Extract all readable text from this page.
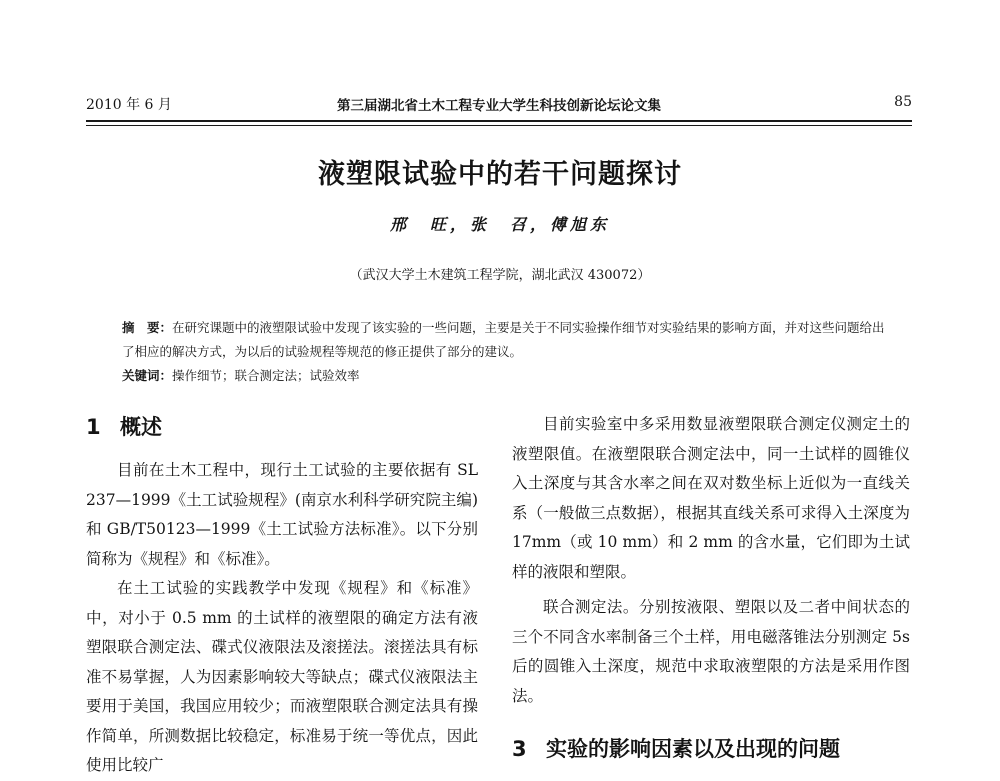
2010 年 6 月	第三届湖北省土木工程专业大学生科技创新论坛论文集	85
液塑限试验中的若干问题探讨
邢　旺，张　召，傅旭东
（武汉大学土木建筑工程学院，湖北武汉 430072）
摘　要：在研究课题中的液塑限试验中发现了该实验的一些问题，主要是关于不同实验操作细节对实验结果的影响方面，并对这些问题给出了相应的解决方式，为以后的试验规程等规范的修正提供了部分的建议。
关键词：操作细节；联合测定法；试验效率
1 概述

目前在土木工程中，现行土工试验的主要依据有 SL 237—1999《土工试验规程》(南京水利科学研究院主编)和 GB/T50123—1999《土工试验方法标准》。以下分别简称为《规程》和《标准》。

在土工试验的实践教学中发现《规程》和《标准》中，对小于 0.5 mm 的土试样的液塑限的确定方法有液塑限联合测定法、碟式仪液限法及滚搓法。滚搓法具有标准不易掌握，人为因素影响较大等缺点；碟式仪液限法主要用于美国，我国应用较少；而液塑限联合测定法具有操作简单，所测数据比较稳定，标准易于统一等优点，因此使用比较广

目前实验室中多采用数显液塑限联合测定仪测定土的液塑限值。在液塑限联合测定法中，同一土试样的圆锥仪入土深度与其含水率之间在双对数坐标上近似为一直线关系（一般做三点数据），根据其直线关系可求得入土深度为 17mm（或 10 mm）和 2 mm 的含水量，它们即为土试样的液限和塑限。

联合测定法。分别按液限、塑限以及二者中间状态的三个不同含水率制备三个土样，用电磁落锥法分别测定 5s 后的圆锥入土深度，规范中求取液塑限的方法是采用作图法。

3 实验的影响因素以及出现的问题
